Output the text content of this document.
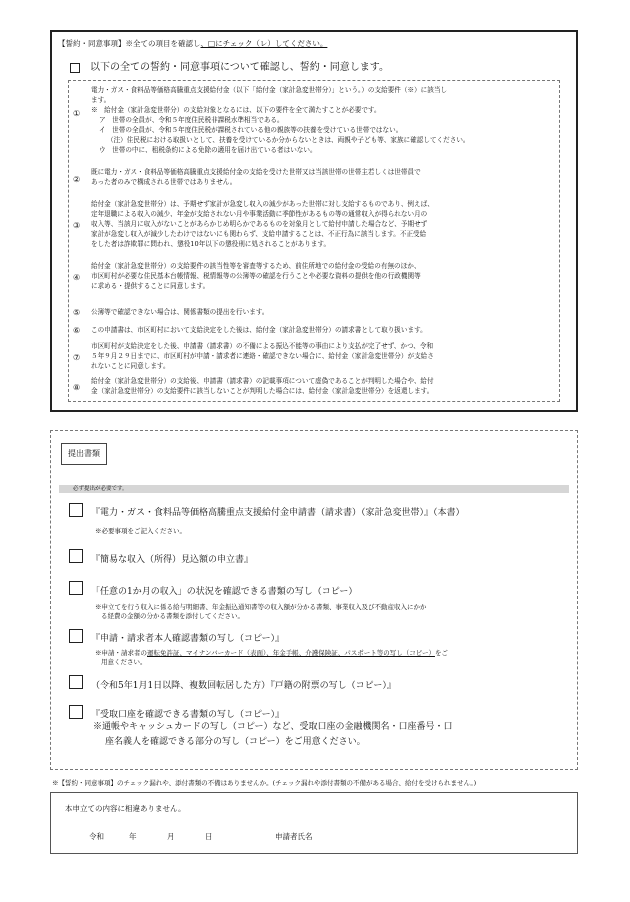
【誓約・同意事項】※全ての項目を確認し、□にチェック（レ）してください。
以下の全ての誓約・同意事項について確認し、誓約・同意します。
①
電力・ガス・食料品等価格高騰重点支援給付金（以下「給付金（家計急変世帯分）」という。）の支給要件（※）に該当し
ます。
※　給付金（家計急変世帯分）の支給対象となるには、以下の要件を全て満たすことが必要です。
ア　世帯の全員が、令和５年度住民税非課税水準相当である。
イ　世帯の全員が、令和５年度住民税が課税されている他の親族等の扶養を受けている世帯ではない。
（注）住民税における取扱いとして、扶養を受けているか分からないときは、両親や子ども等、家族に確認してください。
ウ　世帯の中に、租税条約による免除の適用を届け出ている者はいない。
②
既に電力・ガス・食料品等価格高騰重点支援給付金の支給を受けた世帯又は当該世帯の世帯主若しくは世帯員で
あった者のみで構成される世帯ではありません。
③
給付金（家計急変世帯分）は、予期せず家計が急変し収入の減少があった世帯に対し支給するものであり、例えば、
定年退職による収入の減少、年金が支給されない月や事業活動に季節性があるもの等の通常収入が得られない月の
収入等、当該月に収入がないことがあらかじめ明らかであるものを対象月として給付申請した場合など、予期せず
家計が急変し収入が減少したわけではないにも関わらず、支給申請することは、不正行為に該当します。不正受給
をした者は詐欺罪に問われ、懲役10年以下の懲役刑に処されることがあります。
④
給付金（家計急変世帯分）の支給要件の該当性等を審査等するため、前住所地での給付金の受給の有無のほか、
市区町村が必要な住民基本台帳情報、税情報等の公簿等の確認を行うことや必要な資料の提供を他の行政機関等
に求める・提供することに同意します。
⑤ 公簿等で確認できない場合は、関係書類の提出を行います。
⑥ この申請書は、市区町村において支給決定をした後は、給付金（家計急変世帯分）の請求書として取り扱います。
⑦
市区町村が支給決定をした後、申請書（請求書）の不備による振込不能等の事由により支払が完了せず、かつ、令和
５年９月２９日までに、市区町村が申請・請求者に連絡・確認できない場合に、給付金（家計急変世帯分）が支給さ
れないことに同意します。
⑧
給付金（家計急変世帯分）の支給後、申請書（請求書）の記載事項について虚偽であることが判明した場合や、給付
金（家計急変世帯分）の支給要件に該当しないことが判明した場合には、給付金（家計急変世帯分）を返還します。
提出書類
必ず提出が必要です。
『電力・ガス・食料品等価格高騰重点支援給付金申請書（請求書）（家計急変世帯）』（本書）
※必要事項をご記入ください。
『簡易な収入（所得）見込額の申立書』
「任意の1か月の収入」の状況を確認できる書類の写し（コピー）
※申立てを行う収入に係る給与明細書、年金振込通知書等の収入額が分かる書類、事業収入及び不動産収入にかか
る経費の金額の分かる書類を添付してください。
『申請・請求者本人確認書類の写し（コピー）』
※申請・請求者の運転免許証、マイナンバーカード（表面）、年金手帳、介護保険証、パスポート等の写し（コピー）をご
用意ください。
（令和5年1月1日以降、複数回転居した方）『戸籍の附票の写し（コピー）』
『受取口座を確認できる書類の写し（コピー）』
※通帳やキャッシュカードの写し（コピー）など、受取口座の金融機関名・口座番号・口
座名義人を確認できる部分の写し（コピー）をご用意ください。
※【誓約・同意事項】のチェック漏れや、添付書類の不備はありませんか。(チェック漏れや添付書類の不備がある場合、給付を受けられません。)
本申立ての内容に相違ありません。
令和	年	月	日	申請者氏名
